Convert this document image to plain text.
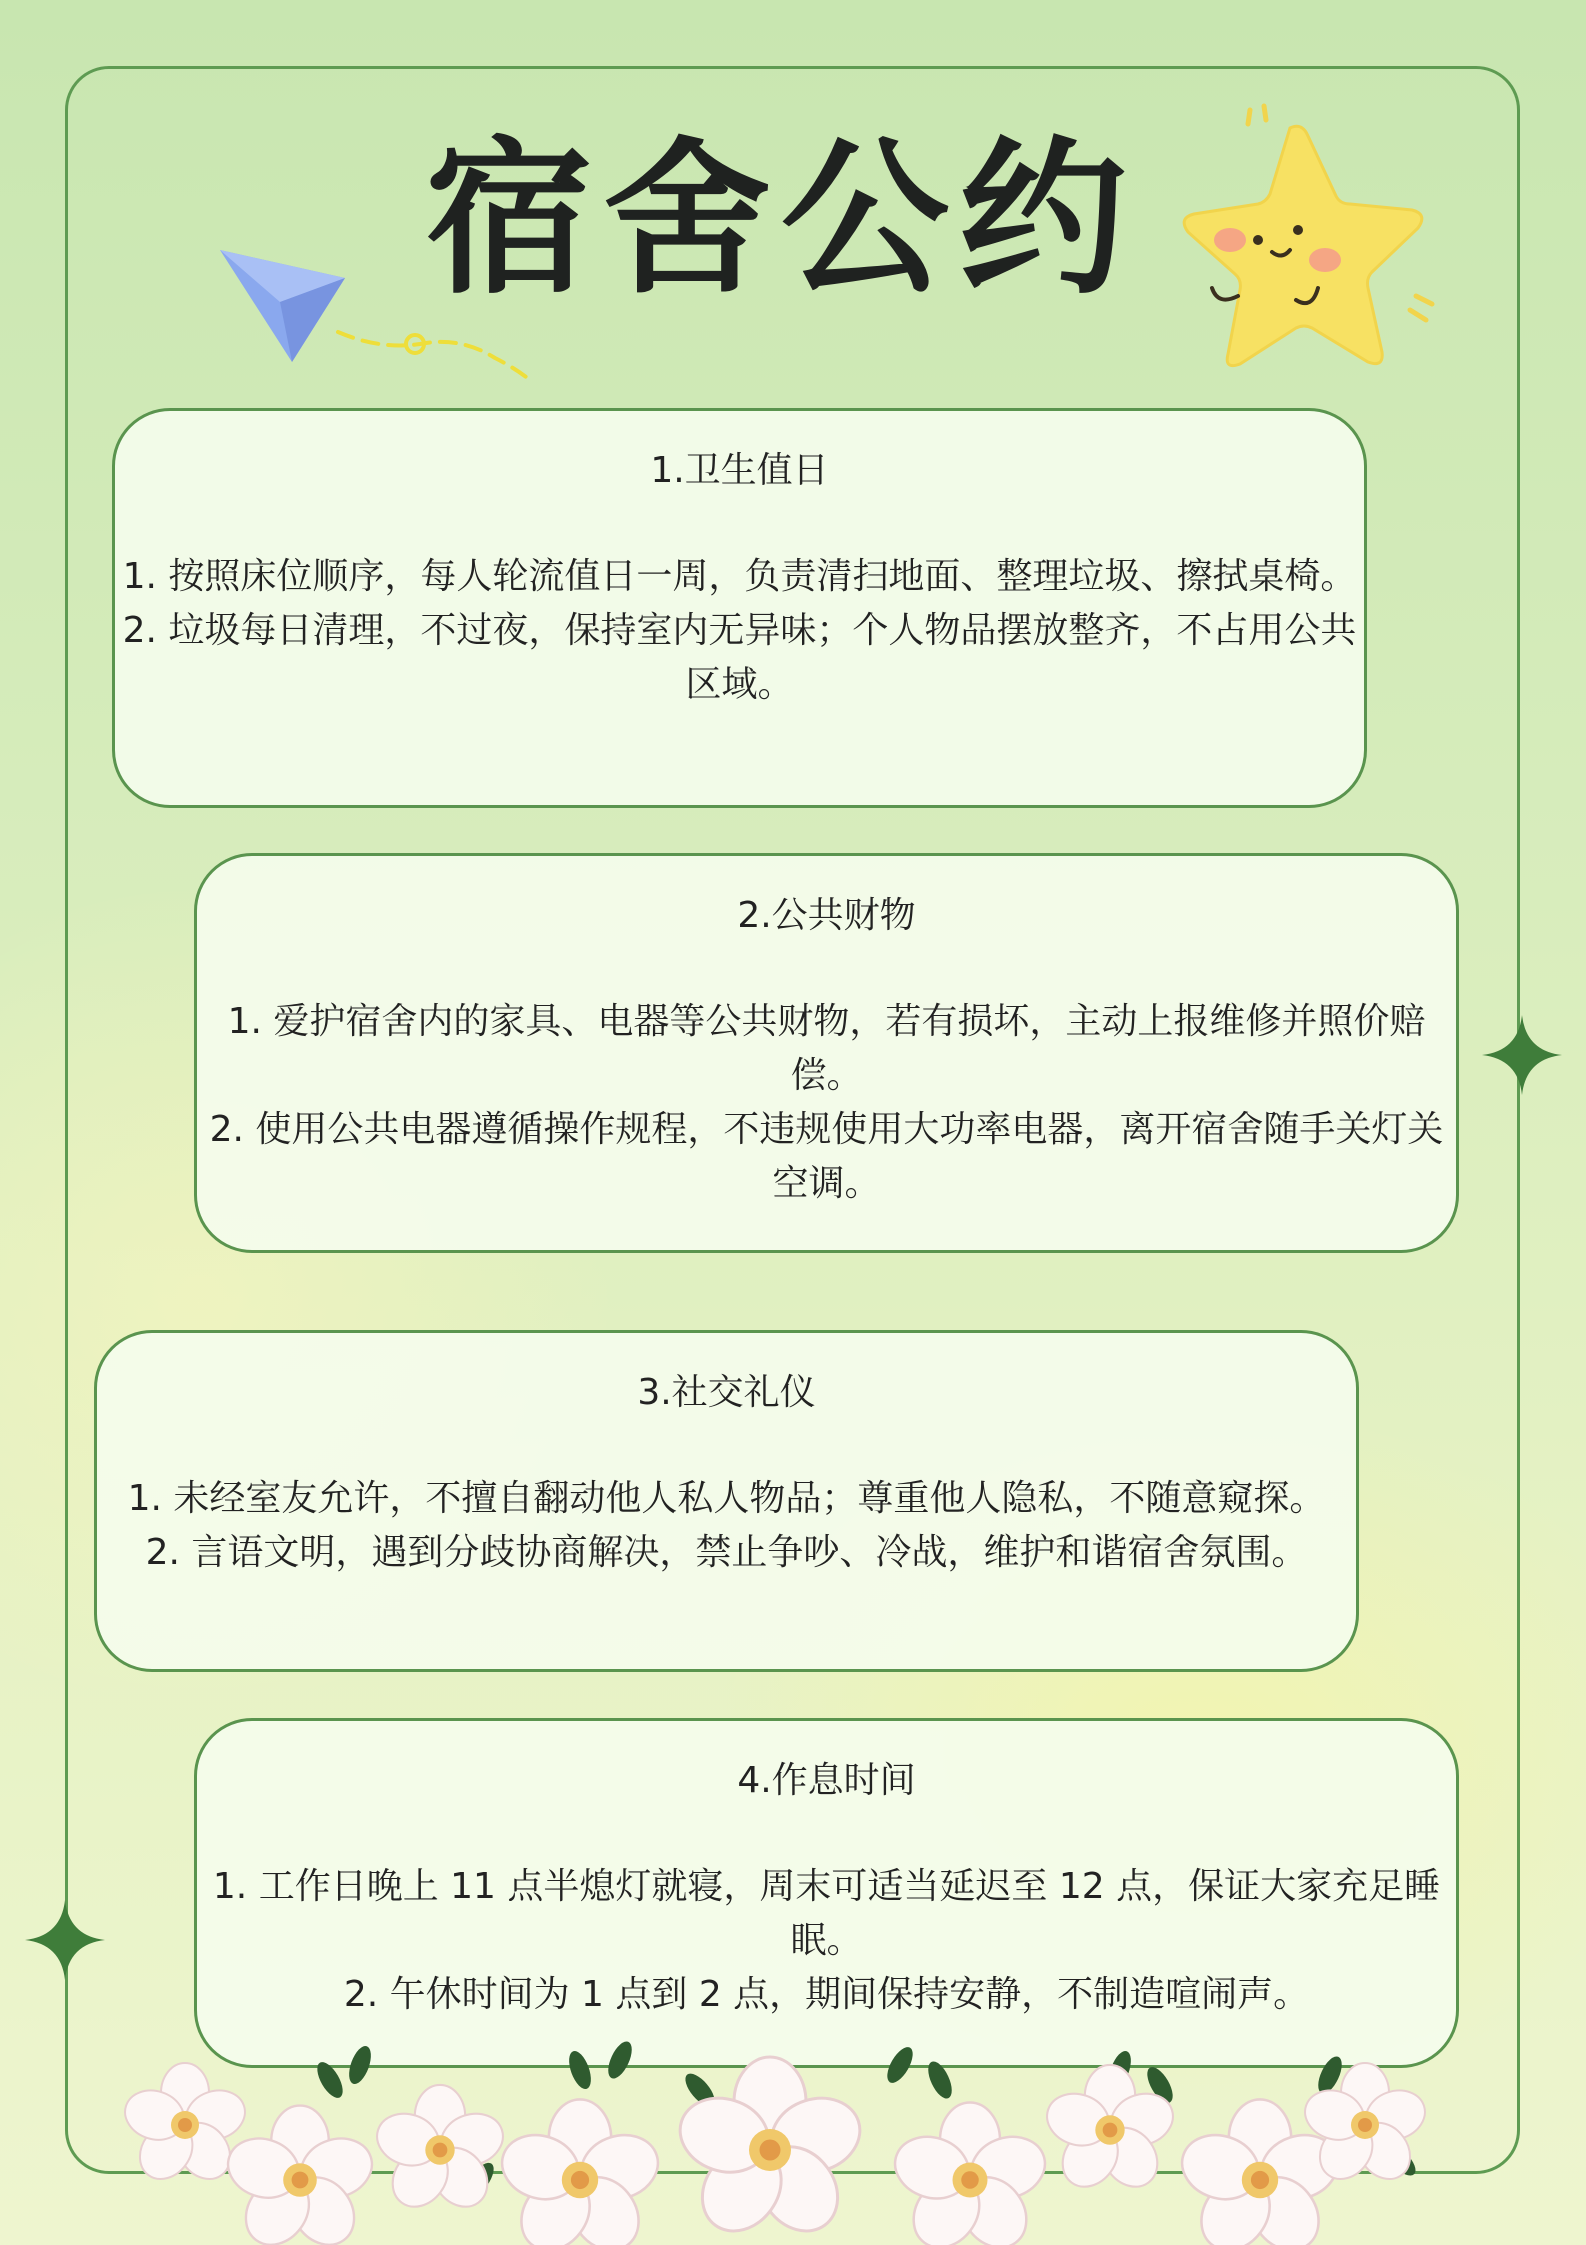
宿舍公约
1.卫生值日

1. 按照床位顺序，每人轮流值日一周，负责清扫地面、整理垃圾、擦拭桌椅。

2. 垃圾每日清理，不过夜，保持室内无异味；个人物品摆放整齐，不占用公共区域。

2.公共财物

1. 爱护宿舍内的家具、电器等公共财物，若有损坏，主动上报维修并照价赔偿。

2. 使用公共电器遵循操作规程，不违规使用大功率电器，离开宿舍随手关灯关空调。

3.社交礼仪

1. 未经室友允许，不擅自翻动他人私人物品；尊重他人隐私，不随意窥探。

2. 言语文明，遇到分歧协商解决，禁止争吵、冷战，维护和谐宿舍氛围。

4.作息时间

1. 工作日晚上 11 点半熄灯就寝，周末可适当延迟至 12 点，保证大家充足睡眠。

2. 午休时间为 1 点到 2 点，期间保持安静，不制造喧闹声。
